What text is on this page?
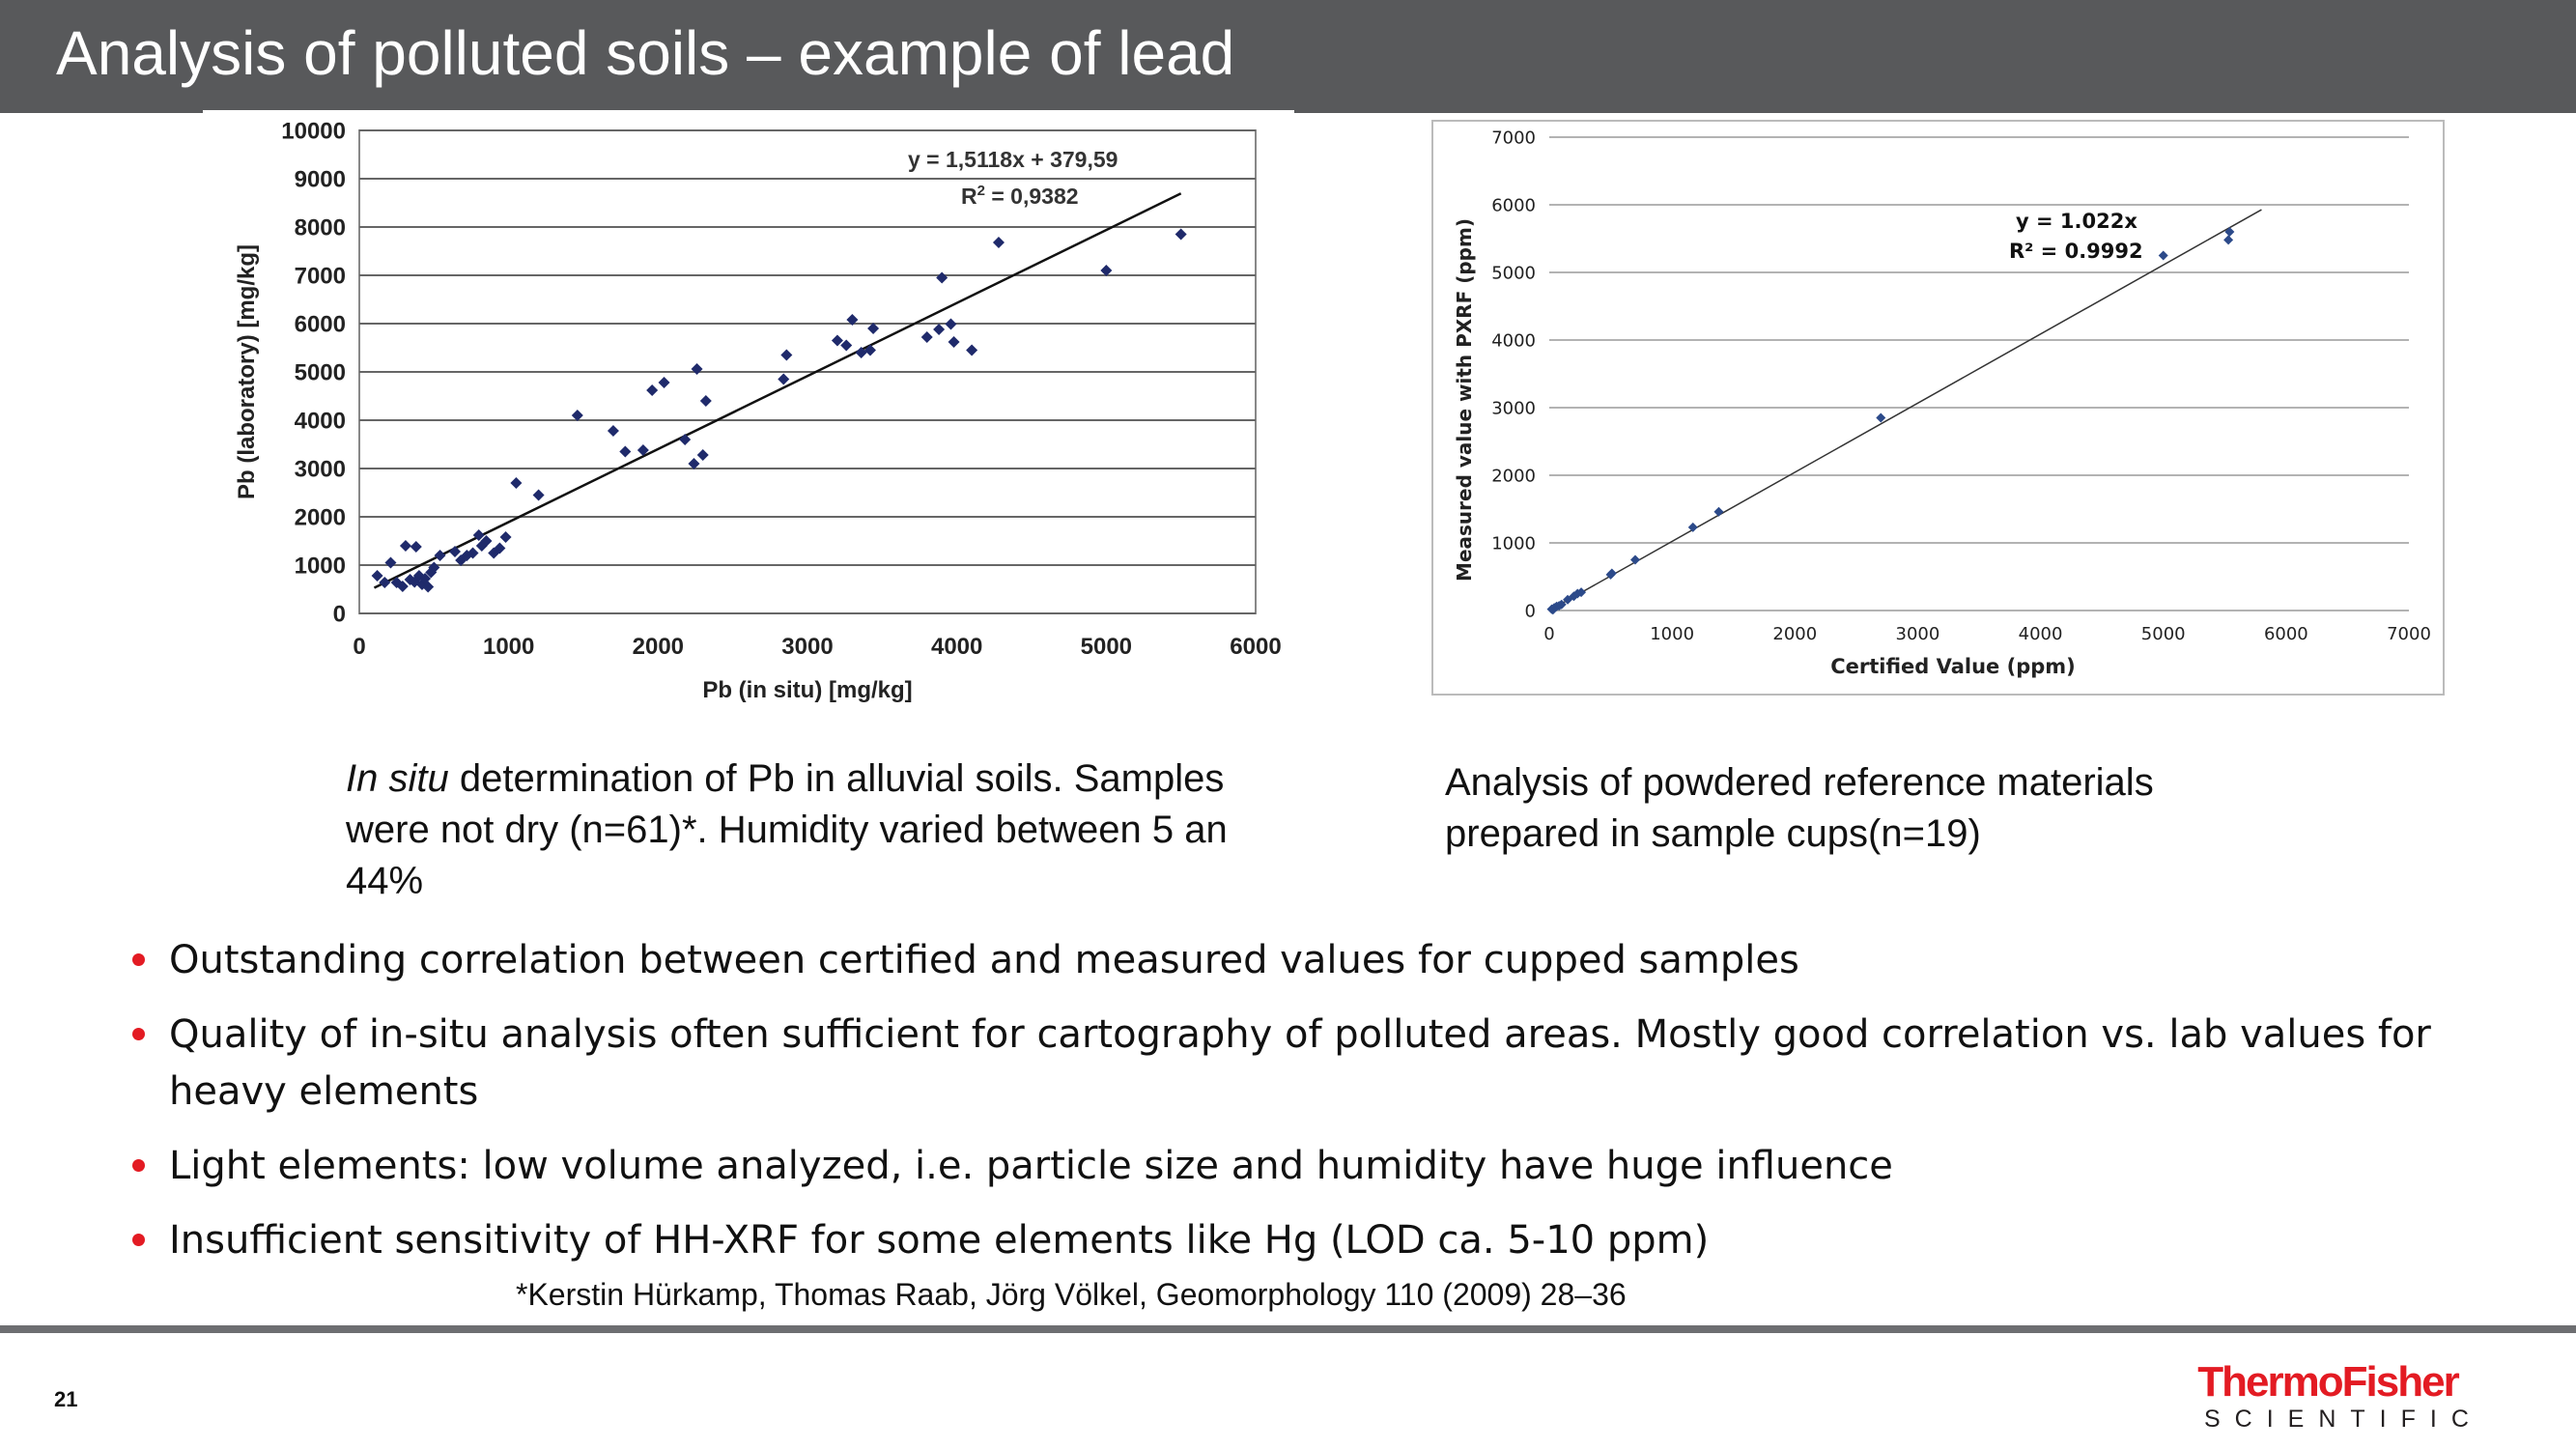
Analysis of polluted soils – example of lead
0
1000
2000
3000
4000
5000
6000
7000
8000
9000
10000
0	1000	2000	3000	4000	5000	6000
y = 1,5118x + 379,59
$R^2 = 0,9382$
Pb (in situ) [mg/kg]
Pb (laboratory) [mg/kg]
0
1000
2000
3000
4000
5000
6000
7000
0	1000	2000	3000	4000	5000	6000	7000
y = 1.022x
R² = 0.9992
Certified Value (ppm)
Measured value with PXRF (ppm)
In situ determination of Pb in alluvial soils. Samples were not dry (n=61)*. Humidity varied between 5 an 44%
Analysis of powdered reference materials prepared in sample cups(n=19)
Outstanding correlation between certified and measured values for cupped samples
Quality of in-situ analysis often sufficient for cartography of polluted areas. Mostly good correlation vs. lab values for heavy elements
Light elements: low volume analyzed, i.e. particle size and humidity have huge influence
Insufficient sensitivity of HH-XRF for some elements like Hg (LOD ca. 5-10 ppm)
*Kerstin Hürkamp, Thomas Raab, Jörg Völkel, Geomorphology 110 (2009) 28–36
21	ThermoFisher
SCIENTIFIC
